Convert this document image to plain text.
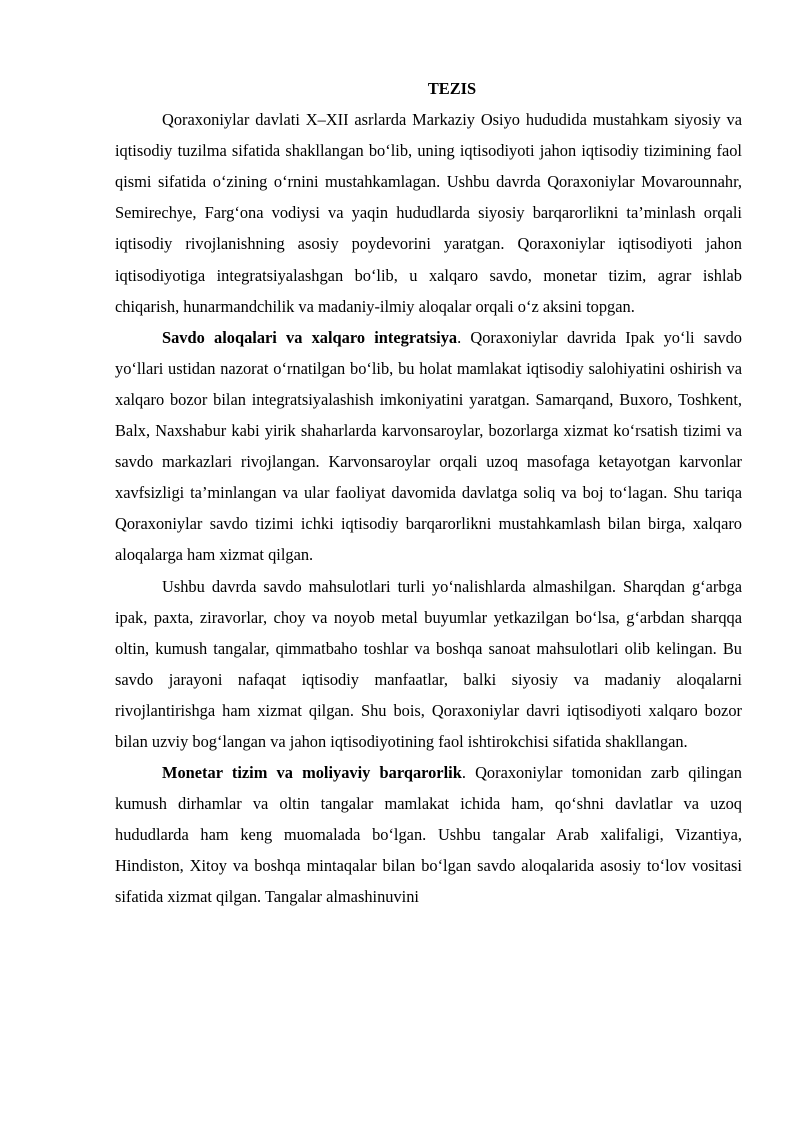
TEZIS

Qoraxoniylar davlati X–XII asrlarda Markaziy Osiyo hududida mustahkam siyosiy va iqtisodiy tuzilma sifatida shakllangan bo‘lib, uning iqtisodiyoti jahon iqtisodiy tizimining faol qismi sifatida o‘zining o‘rnini mustahkamlagan. Ushbu davrda Qoraxoniylar Movarounnahr, Semirechye, Farg‘ona vodiysi va yaqin hududlarda siyosiy barqarorlikni ta’minlash orqali iqtisodiy rivojlanishning asosiy poydevorini yaratgan. Qoraxoniylar iqtisodiyoti jahon iqtisodiyotiga integratsiyalashgan bo‘lib, u xalqaro savdo, monetar tizim, agrar ishlab chiqarish, hunarmandchilik va madaniy-ilmiy aloqalar orqali o‘z aksini topgan.

Savdo aloqalari va xalqaro integratsiya. Qoraxoniylar davrida Ipak yo‘li savdo yo‘llari ustidan nazorat o‘rnatilgan bo‘lib, bu holat mamlakat iqtisodiy salohiyatini oshirish va xalqaro bozor bilan integratsiyalashish imkoniyatini yaratgan. Samarqand, Buxoro, Toshkent, Balx, Naxshabur kabi yirik shaharlarda karvonsaroylar, bozorlarga xizmat ko‘rsatish tizimi va savdo markazlari rivojlangan. Karvonsaroylar orqali uzoq masofaga ketayotgan karvonlar xavfsizligi ta’minlangan va ular faoliyat davomida davlatga soliq va boj to‘lagan. Shu tariqa Qoraxoniylar savdo tizimi ichki iqtisodiy barqarorlikni mustahkamlash bilan birga, xalqaro aloqalarga ham xizmat qilgan.

Ushbu davrda savdo mahsulotlari turli yo‘nalishlarda almashilgan. Sharqdan g‘arbga ipak, paxta, ziravorlar, choy va noyob metal buyumlar yetkazilgan bo‘lsa, g‘arbdan sharqqa oltin, kumush tangalar, qimmatbaho toshlar va boshqa sanoat mahsulotlari olib kelingan. Bu savdo jarayoni nafaqat iqtisodiy manfaatlar, balki siyosiy va madaniy aloqalarni rivojlantirishga ham xizmat qilgan. Shu bois, Qoraxoniylar davri iqtisodiyoti xalqaro bozor bilan uzviy bog‘langan va jahon iqtisodiyotining faol ishtirokchisi sifatida shakllangan.

Monetar tizim va moliyaviy barqarorlik. Qoraxoniylar tomonidan zarb qilingan kumush dirhamlar va oltin tangalar mamlakat ichida ham, qo‘shni davlatlar va uzoq hududlarda ham keng muomalada bo‘lgan. Ushbu tangalar Arab xalifaligi, Vizantiya, Hindiston, Xitoy va boshqa mintaqalar bilan bo‘lgan savdo aloqalarida asosiy to‘lov vositasi sifatida xizmat qilgan. Tangalar almashinuvini
